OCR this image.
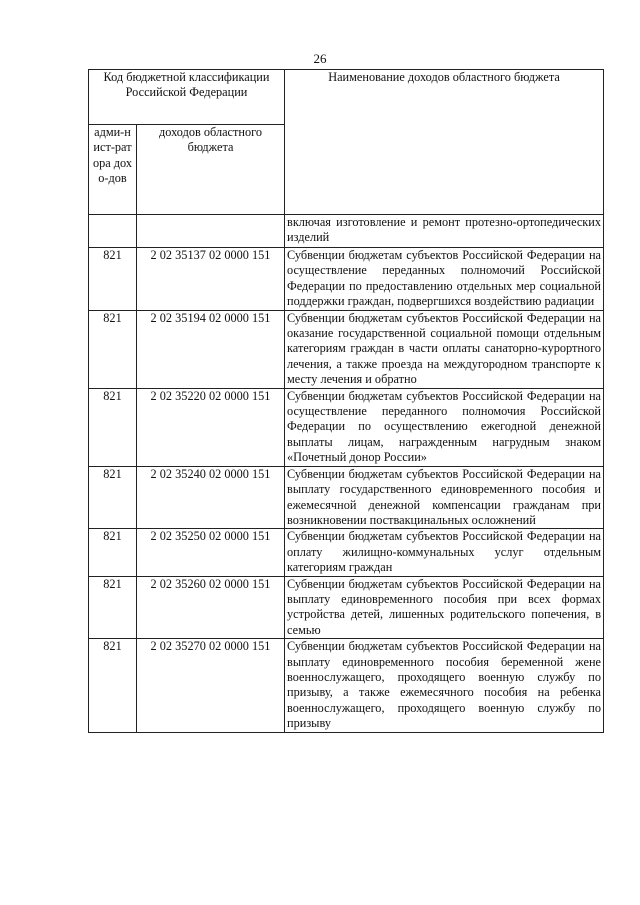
26
Код бюджетной классификации Российской Федерации		Наименование доходов областного бюджета
адми-нист-ратора дохо-дов	доходов областного бюджета	
		включая изготовление и ремонт протезно-ортопедических изделий
821	2 02 35137 02 0000 151	Субвенции бюджетам субъектов Российской Федерации на осуществление переданных полномочий Российской Федерации по предоставлению отдельных мер социальной поддержки граждан, подвергшихся воздействию радиации
821	2 02 35194 02 0000 151	Субвенции бюджетам субъектов Российской Федерации на оказание государственной социальной помощи отдельным категориям граждан в части оплаты санаторно-курортного лечения, а также проезда на междугородном транспорте к месту лечения и обратно
821	2 02 35220 02 0000 151	Субвенции бюджетам субъектов Российской Федерации на осуществление переданного полномочия Российской Федерации по осуществлению ежегодной денежной выплаты лицам, награжденным нагрудным знаком «Почетный донор России»
821	2 02 35240 02 0000 151	Субвенции бюджетам субъектов Российской Федерации на выплату государственного единовременного пособия и ежемесячной денежной компенсации гражданам при возникновении поствакцинальных осложнений
821	2 02 35250 02 0000 151	Субвенции бюджетам субъектов Российской Федерации на оплату жилищно-коммунальных услуг отдельным категориям граждан
821	2 02 35260 02 0000 151	Субвенции бюджетам субъектов Российской Федерации на выплату единовременного пособия при всех формах устройства детей, лишенных родительского попечения, в семью
821	2 02 35270 02 0000 151	Субвенции бюджетам субъектов Российской Федерации на выплату единовременного пособия беременной жене военнослужащего, проходящего военную службу по призыву, а также ежемесячного пособия на ребенка военнослужащего, проходящего военную службу по призыву
